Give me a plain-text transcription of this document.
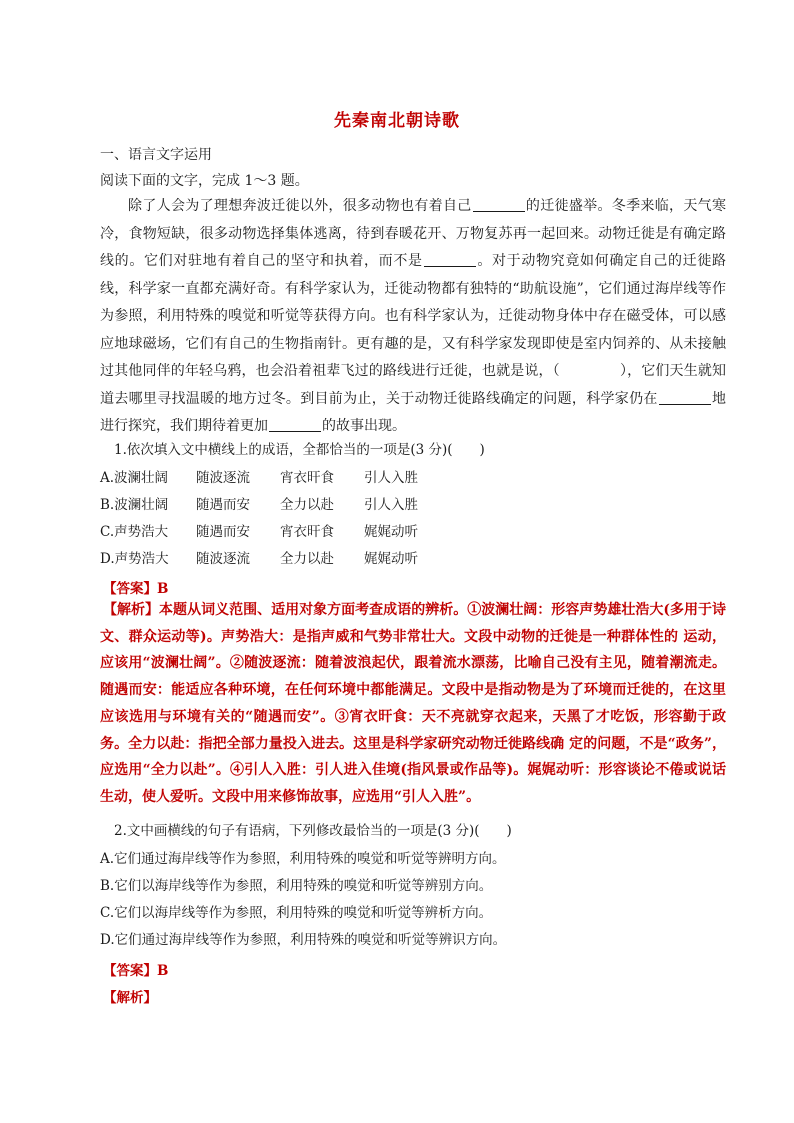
先秦南北朝诗歌
一、语言文字运用
阅读下面的文字，完成 1～3 题。

除了人会为了理想奔波迁徙以外，很多动物也有着自己	的迁徙盛举。冬季来临，天气寒冷，食物短缺，很多动物选择集体逃离，待到春暖花开、万物复苏再一起回来。动物迁徙是有确定路线的。它们对驻地有着自己的坚守和执着，而不是	。对于动物究竟如何确定自己的迁徙路线，科学家一直都充满好奇。有科学家认为，迁徙动物都有独特的“助航设施”，它们通过海岸线等作为参照，利用特殊的嗅觉和听觉等获得方向。也有科学家认为，迁徙动物身体中存在磁受体，可以感应地球磁场，它们有自己的生物指南针。更有趣的是，又有科学家发现即使是室内饲养的、从未接触过其他同伴的年轻乌鸦，也会沿着祖辈飞过的路线进行迁徙，也就是说，（	），它们天生就知道去哪里寻找温暖的地方过冬。到目前为止，关于动物迁徙路线确定的问题，科学家仍在	地进行探究，我们期待着更加	的故事出现。

1.依次填入文中横线上的成语，全都恰当的一项是(3 分)(　　)
A.波澜壮阔 随波逐流 宵衣旰食 引人入胜
B.波澜壮阔 随遇而安 全力以赴 引人入胜
C.声势浩大 随遇而安 宵衣旰食 娓娓动听
D.声势浩大 随波逐流 全力以赴 娓娓动听
【答案】B

【解析】本题从词义范围、适用对象方面考查成语的辨析。①波澜壮阔：形容声势雄壮浩大(多用于诗文、群众运动等)。声势浩大：是指声威和气势非常壮大。文段中动物的迁徙是一种群体性的 运动，应该用“波澜壮阔”。②随波逐流：随着波浪起伏，跟着流水漂荡，比喻自己没有主见，随着潮流走。随遇而安：能适应各种环境，在任何环境中都能满足。文段中是指动物是为了环境而迁徙的，在这里应该选用与环境有关的“随遇而安”。③宵衣旰食：天不亮就穿衣起来，天黑了才吃饭，形容勤于政务。全力以赴：指把全部力量投入进去。这里是科学家研究动物迁徙路线确 定的问题，不是“政务”，应选用“全力以赴”。④引人入胜：引人进入佳境(指风景或作品等)。娓娓动听：形容谈论不倦或说话生动，使人爱听。文段中用来修饰故事，应选用“引人入胜”。

2.文中画横线的句子有语病，下列修改最恰当的一项是(3 分)(　　)
A.它们通过海岸线等作为参照，利用特殊的嗅觉和听觉等辨明方向。
B.它们以海岸线等作为参照，利用特殊的嗅觉和听觉等辨别方向。
C.它们以海岸线等作为参照，利用特殊的嗅觉和听觉等辨析方向。
D.它们通过海岸线等作为参照，利用特殊的嗅觉和听觉等辨识方向。
【答案】B
【解析】
